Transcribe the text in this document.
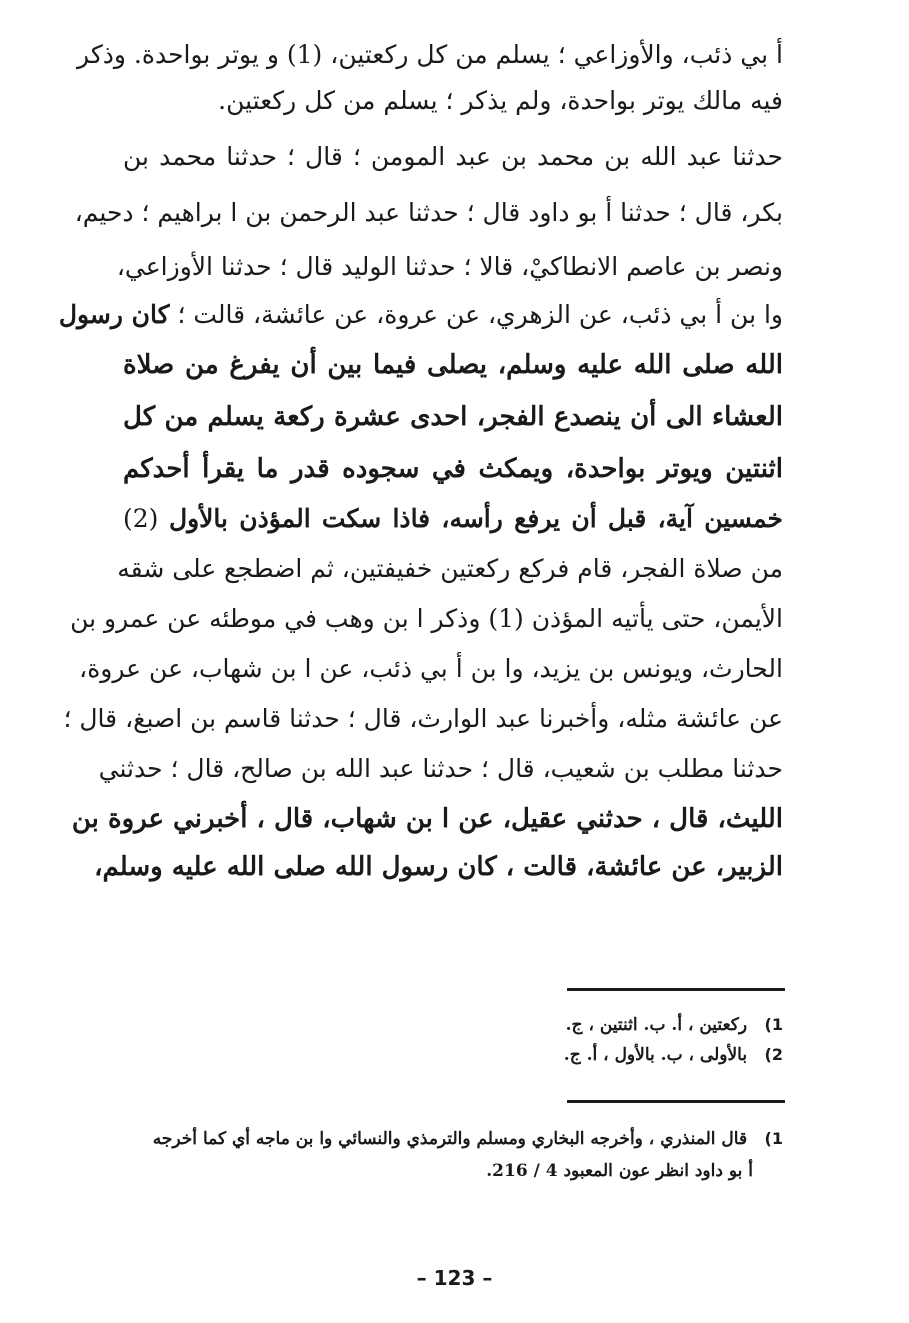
أ بي ذئب، والأوزاعي ؛ يسلم من كل ركعتين، (1) و يوتر بواحدة. وذكر
فيه مالك يوتر بواحدة، ولم يذكر ؛ يسلم من كل ركعتين.
حدثنا عبد الله بن محمد بن عبد المومن ؛ قال ؛ حدثنا محمد بن
بكر، قال ؛ حدثنا أ بو داود قال ؛ حدثنا عبد الرحمن بن ا براهيم ؛ دحيم،
ونصر بن عاصم الانطاكيْ، قالا ؛ حدثنا الوليد قال ؛ حدثنا الأوزاعي،
وا بن أ بي ذئب، عن الزهري، عن عروة، عن عائشة، قالت ؛ كان رسول
الله صلى الله عليه وسلم، يصلى فيما بين أن يفرغ من صلاة
العشاء الى أن ينصدع الفجر، احدى عشرة ركعة يسلم من كل
اثنتين ويوتر بواحدة، ويمكث في سجوده قدر ما يقرأ أحدكم
خمسين آية، قبل أن يرفع رأسه، فاذا سكت المؤذن بالأول (2)
من صلاة الفجر، قام فركع ركعتين خفيفتين، ثم اضطجع على شقه
الأيمن، حتى يأتيه المؤذن (1) وذكر ا بن وهب في موطئه عن عمرو بن
الحارث، ويونس بن يزيد، وا بن أ بي ذئب، عن ا بن شهاب، عن عروة،
عن عائشة مثله، وأخبرنا عبد الوارث، قال ؛ حدثنا قاسم بن اصبغ، قال ؛
حدثنا مطلب بن شعيب، قال ؛ حدثنا عبد الله بن صالح، قال ؛ حدثني
الليث، قال ، حدثني عقيل، عن ا بن شهاب، قال ، أخبرني عروة بن
الزبير، عن عائشة، قالت ، كان رسول الله صلى الله عليه وسلم،
1) ركعتين ، أ. ب. اثنتين ، ج.
2) بالأولى ، ب. بالأول ، أ. ج.
1) قال المنذري ، وأخرجه البخاري ومسلم والترمذي والنسائي وا بن ماجه أي كما أخرجه
أ بو داود انظر عون المعبود 4 / 216.
– 123 –
